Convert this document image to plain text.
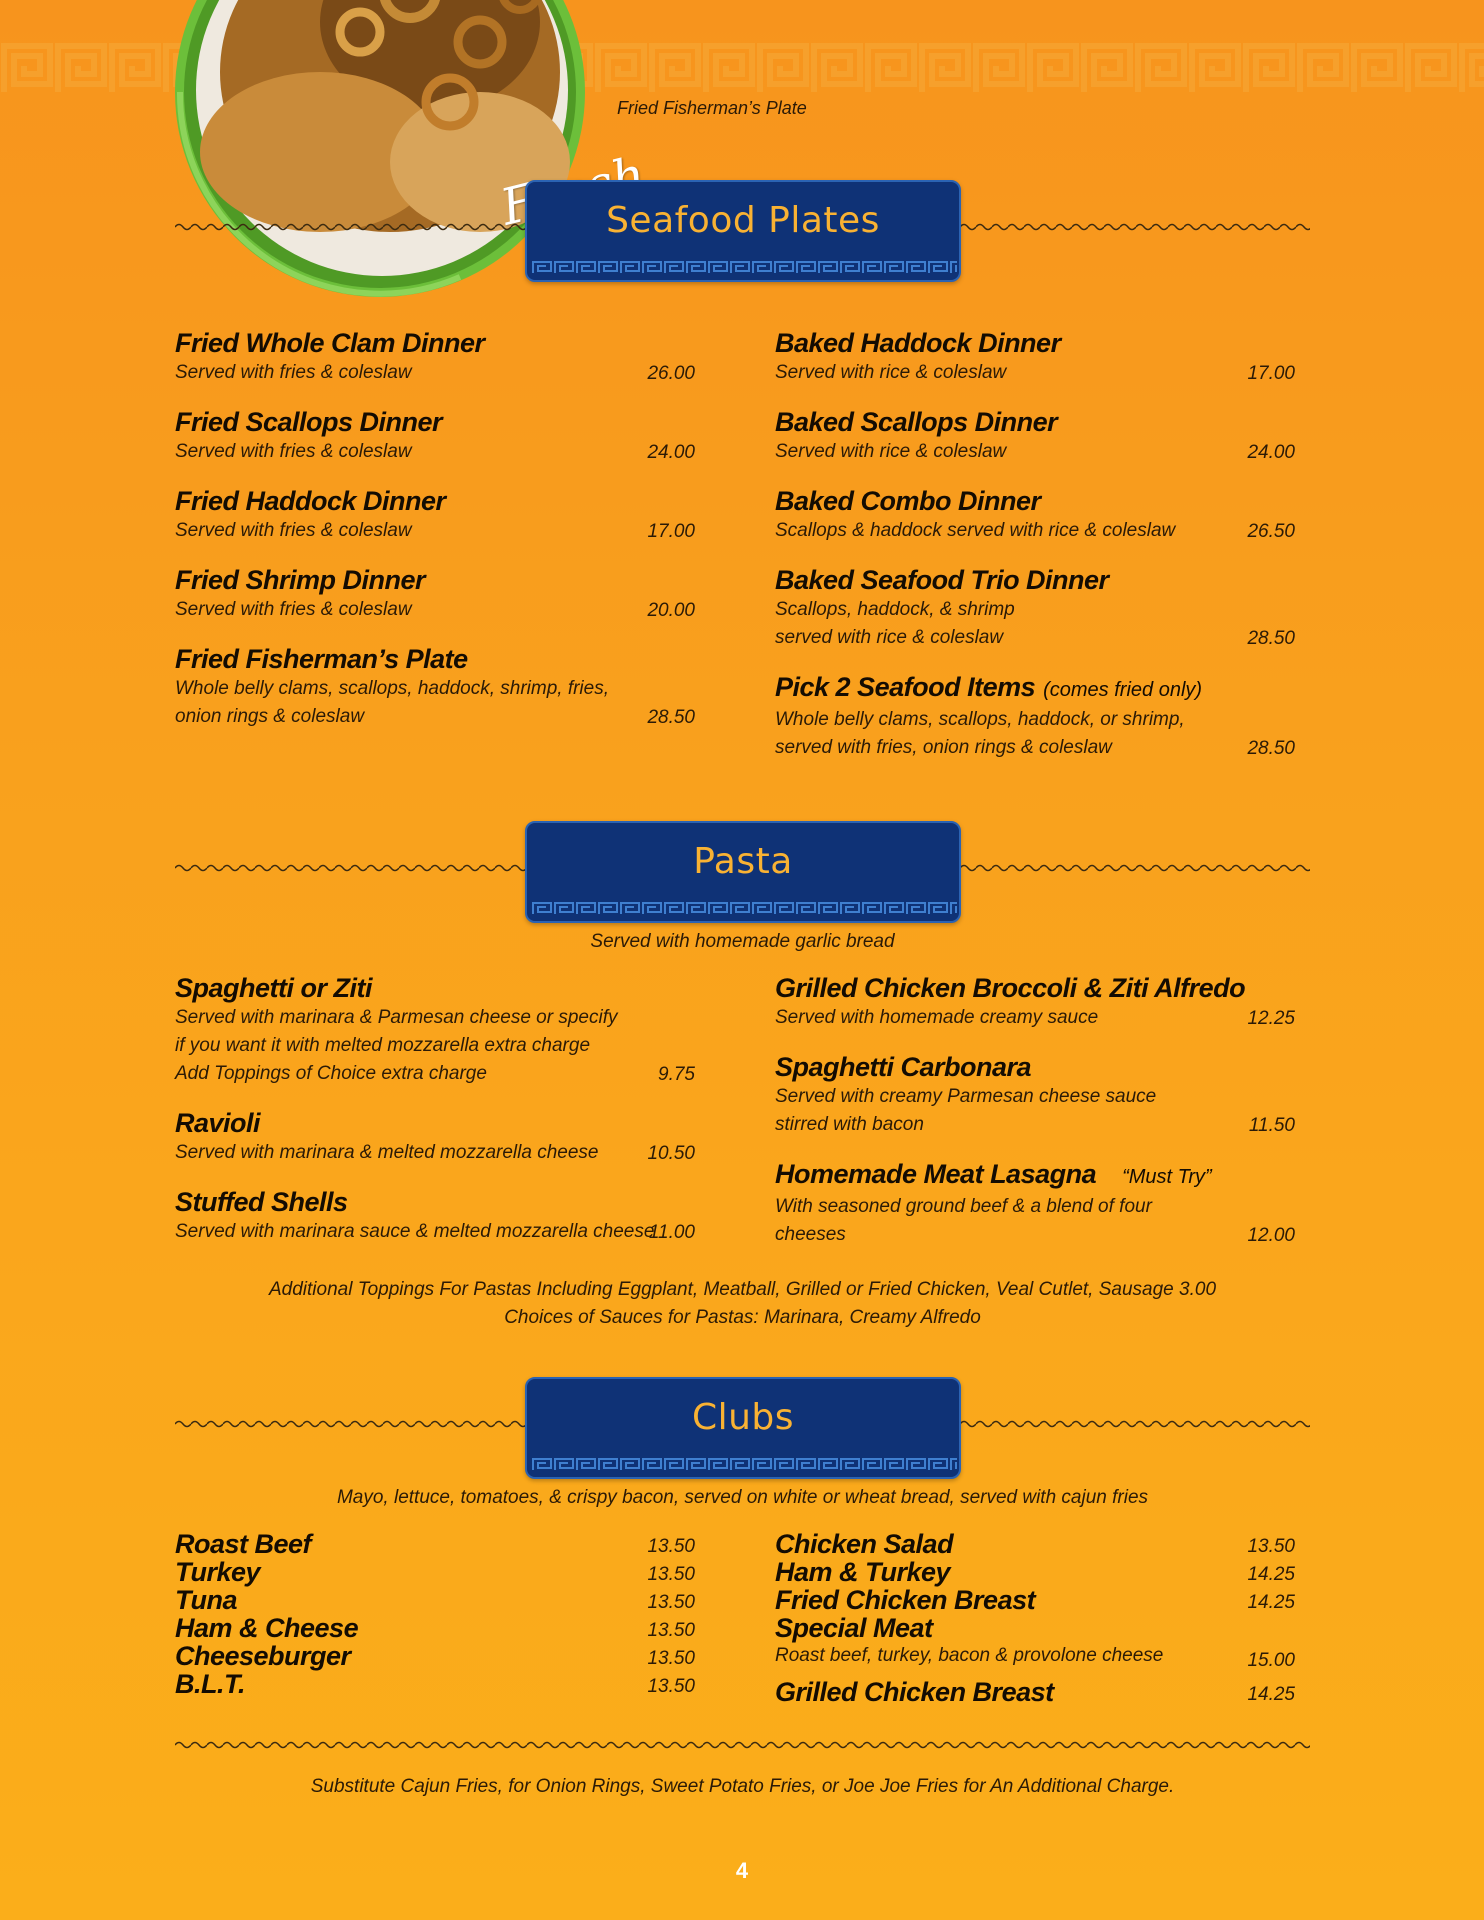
Fried Fisherman’s Plate
Seafood Plates
Fried Whole Clam Dinner
Served with fries & coleslaw	26.00
Fried Scallops Dinner
Served with fries & coleslaw	24.00
Fried Haddock Dinner
Served with fries & coleslaw	17.00
Fried Shrimp Dinner
Served with fries & coleslaw	20.00
Fried Fisherman’s Plate
Whole belly clams, scallops, haddock, shrimp, fries,
onion rings & coleslaw	28.50
Baked Haddock Dinner
Served with rice & coleslaw	17.00
Baked Scallops Dinner
Served with rice & coleslaw	24.00
Baked Combo Dinner
Scallops & haddock served with rice & coleslaw	26.50
Baked Seafood Trio Dinner
Scallops, haddock, & shrimp
served with rice & coleslaw	28.50
Pick 2 Seafood Items (comes fried only)
Whole belly clams, scallops, haddock, or shrimp,
served with fries, onion rings & coleslaw	28.50
Pasta
Served with homemade garlic bread
Spaghetti or Ziti
Served with marinara & Parmesan cheese or specify
if you want it with melted mozzarella extra charge
Add Toppings of Choice extra charge	9.75
Ravioli
Served with marinara & melted mozzarella cheese	10.50
Stuffed Shells
Served with marinara sauce & melted mozzarella cheese
11.00
Grilled Chicken Broccoli & Ziti Alfredo
Served with homemade creamy sauce	12.25
Spaghetti Carbonara
Served with creamy Parmesan cheese sauce
stirred with bacon	11.50
Homemade Meat Lasagna “Must Try”
With seasoned ground beef & a blend of four cheeses	12.00
Additional Toppings For Pastas Including Eggplant, Meatball, Grilled or Fried Chicken, Veal Cutlet, Sausage 3.00
Choices of Sauces for Pastas: Marinara, Creamy Alfredo
Clubs
Mayo, lettuce, tomatoes, & crispy bacon, served on white or wheat bread, served with cajun fries
Roast Beef	13.50
Turkey	13.50
Tuna	13.50
Ham & Cheese	13.50
Cheeseburger	13.50
B.L.T.	13.50
Chicken Salad	13.50
Ham & Turkey	14.25
Fried Chicken Breast	14.25
Special Meat
Roast beef, turkey, bacon & provolone cheese	15.00
Grilled Chicken Breast	14.25
Substitute Cajun Fries, for Onion Rings, Sweet Potato Fries, or Joe Joe Fries for An Additional Charge.
4
